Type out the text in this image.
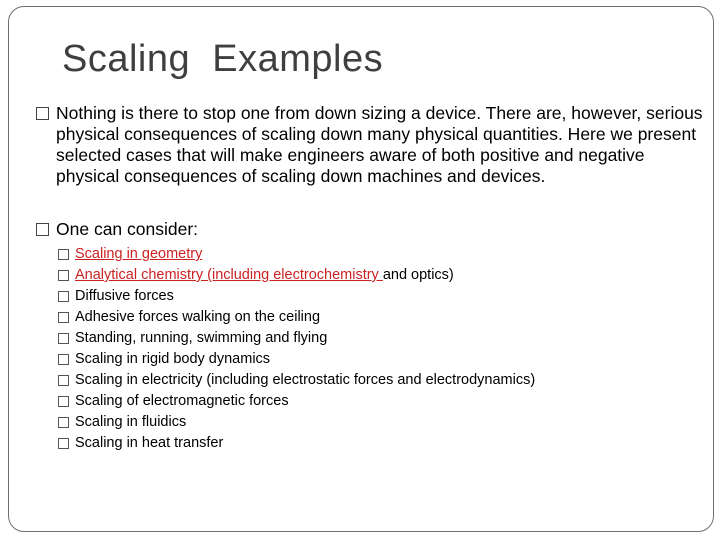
Scaling  Examples
Nothing is there to stop one from down sizing a device. There are, however, serious physical consequences of scaling down many physical quantities. Here we present selected cases that will make engineers aware of both positive and negative physical consequences of scaling down machines and devices.
One can consider:
Scaling in geometry
Analytical chemistry (including electrochemistry and optics)
Diffusive forces
Adhesive forces walking on the ceiling
Standing, running, swimming and flying
Scaling in rigid body dynamics
Scaling in electricity (including electrostatic forces and electrodynamics)
Scaling of electromagnetic forces
Scaling in fluidics
Scaling in heat transfer
